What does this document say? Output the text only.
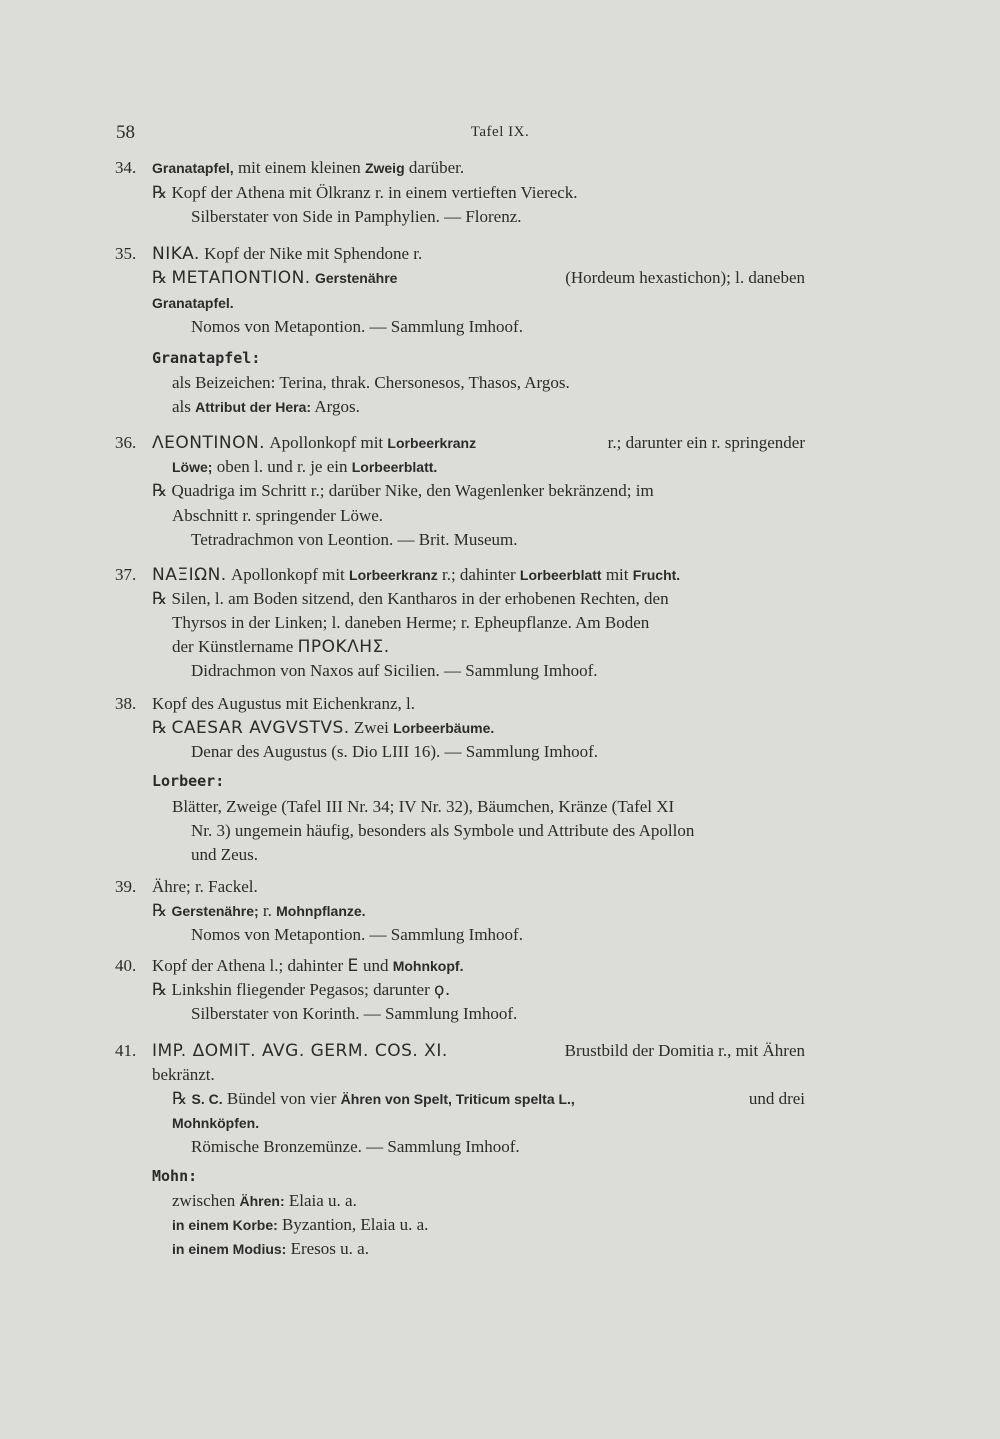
58	Tafel IX.
34. Granatapfel, mit einem kleinen Zweig darüber.
℞ Kopf der Athena mit Ölkranz r. in einem vertieften Viereck.
Silberstater von Side in Pamphylien. — Florenz.
35. NIKA. Kopf der Nike mit Sphendone r.
℞ ΜΕΤΑΠΟΝΤΙΟΝ. Gerstenähre	(Hordeum hexastichon); l. daneben
Granatapfel.
Nomos von Metapontion. — Sammlung Imhoof.
Granatapfel:
als Beizeichen: Terina, thrak. Chersonesos, Thasos, Argos.
als Attribut der Hera: Argos.
36. ΛΕΟΝΤΙΝΟΝ. Apollonkopf mit Lorbeerkranz	r.; darunter ein r. springender
Löwe; oben l. und r. je ein Lorbeerblatt.
℞ Quadriga im Schritt r.; darüber Nike, den Wagenlenker bekränzend; im
Abschnitt r. springender Löwe.
Tetradrachmon von Leontion. — Brit. Museum.
37. ΝΑΞΙΩΝ. Apollonkopf mit Lorbeerkranz r.; dahinter Lorbeerblatt mit Frucht.
℞ Silen, l. am Boden sitzend, den Kantharos in der erhobenen Rechten, den
Thyrsos in der Linken; l. daneben Herme; r. Epheupflanze. Am Boden
der Künstlername ΠΡΟΚΛΗΣ.
Didrachmon von Naxos auf Sicilien. — Sammlung Imhoof.
38. Kopf des Augustus mit Eichenkranz, l.
℞ CAESAR AVGVSTVS. Zwei Lorbeerbäume.
Denar des Augustus (s. Dio LIII 16). — Sammlung Imhoof.
Lorbeer:
Blätter, Zweige (Tafel III Nr. 34; IV Nr. 32), Bäumchen, Kränze (Tafel XI
Nr. 3) ungemein häufig, besonders als Symbole und Attribute des Apollon
und Zeus.
39. Ähre; r. Fackel.
℞ Gerstenähre; r. Mohnpflanze.
Nomos von Metapontion. — Sammlung Imhoof.
40. Kopf der Athena l.; dahinter E und Mohnkopf.
℞ Linkshin fliegender Pegasos; darunter ϙ.
Silberstater von Korinth. — Sammlung Imhoof.
41. IMP. ΔΟΜΙΤ. AVG. GERM. COS. XI.	Brustbild der Domitia r., mit Ähren
bekränzt.
℞ S. C. Bündel von vier Ähren von Spelt, Triticum spelta L.,	und drei
Mohnköpfen.
Römische Bronzemünze. — Sammlung Imhoof.
Mohn:
zwischen Ähren: Elaia u. a.
in einem Korbe: Byzantion, Elaia u. a.
in einem Modius: Eresos u. a.
